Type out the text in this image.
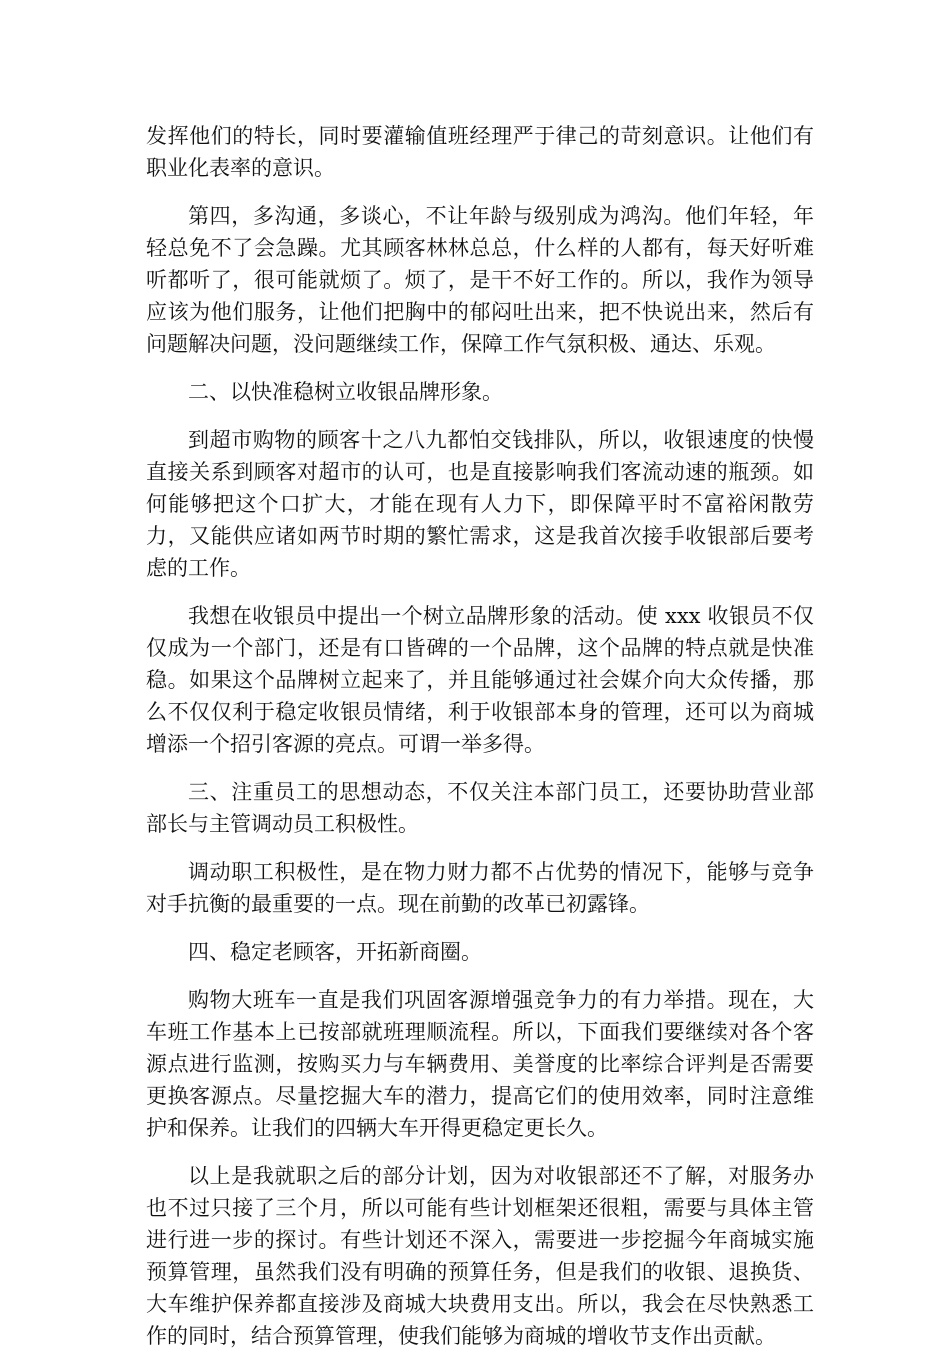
发挥他们的特长，同时要灌输值班经理严于律己的苛刻意识。让他们有职业化表率的意识。

第四，多沟通，多谈心，不让年龄与级别成为鸿沟。他们年轻，年轻总免不了会急躁。尤其顾客林林总总，什么样的人都有，每天好听难听都听了，很可能就烦了。烦了，是干不好工作的。所以，我作为领导应该为他们服务，让他们把胸中的郁闷吐出来，把不快说出来，然后有问题解决问题，没问题继续工作，保障工作气氛积极、通达、乐观。

二、以快准稳树立收银品牌形象。

到超市购物的顾客十之八九都怕交钱排队，所以，收银速度的快慢直接关系到顾客对超市的认可，也是直接影响我们客流动速的瓶颈。如何能够把这个口扩大，才能在现有人力下，即保障平时不富裕闲散劳力，又能供应诸如两节时期的繁忙需求，这是我首次接手收银部后要考虑的工作。

我想在收银员中提出一个树立品牌形象的活动。使 xxx 收银员不仅仅成为一个部门，还是有口皆碑的一个品牌，这个品牌的特点就是快准稳。如果这个品牌树立起来了，并且能够通过社会媒介向大众传播，那么不仅仅利于稳定收银员情绪，利于收银部本身的管理，还可以为商城增添一个招引客源的亮点。可谓一举多得。

三、注重员工的思想动态，不仅关注本部门员工，还要协助营业部部长与主管调动员工积极性。

调动职工积极性，是在物力财力都不占优势的情况下，能够与竞争对手抗衡的最重要的一点。现在前勤的改革已初露锋。

四、稳定老顾客，开拓新商圈。

购物大班车一直是我们巩固客源增强竞争力的有力举措。现在，大车班工作基本上已按部就班理顺流程。所以，下面我们要继续对各个客源点进行监测，按购买力与车辆费用、美誉度的比率综合评判是否需要更换客源点。尽量挖掘大车的潜力，提高它们的使用效率，同时注意维护和保养。让我们的四辆大车开得更稳定更长久。

以上是我就职之后的部分计划，因为对收银部还不了解，对服务办也不过只接了三个月，所以可能有些计划框架还很粗，需要与具体主管进行进一步的探讨。有些计划还不深入，需要进一步挖掘今年商城实施预算管理，虽然我们没有明确的预算任务，但是我们的收银、退换货、大车维护保养都直接涉及商城大块费用支出。所以，我会在尽快熟悉工作的同时，结合预算管理，使我们能够为商城的增收节支作出贡献。
